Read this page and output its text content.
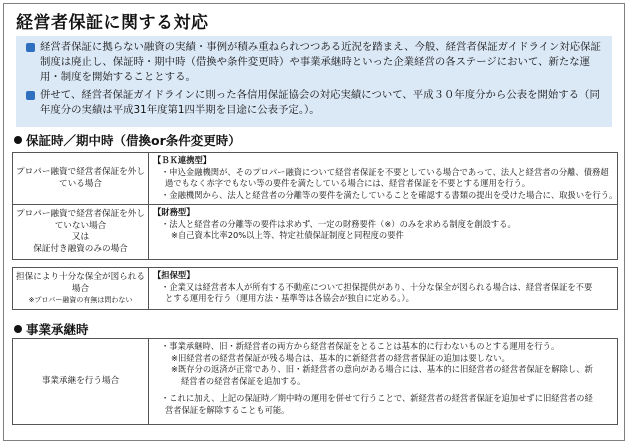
経営者保証に関する対応
経営者保証に拠らない融資の実績・事例が積み重ねられつつある近況を踏まえ、今般、経営者保証ガイドライン対応保証制度は廃止し、保証時・期中時（借換や条件変更時）や事業承継時といった企業経営の各ステージにおいて、新たな運用・制度を開始することとする。
併せて、経営者保証ガイドラインに則った各信用保証協会の対応実績について、平成３０年度分から公表を開始する（同年度分の実績は平成31年度第1四半期を目途に公表予定。）。
保証時／期中時（借換or条件変更時）
プロパー融資で経営者保証を外している場合
【ＢＫ連携型】
・申込金融機関が、そのプロパー融資について経営者保証を不要としている場合であって、法人と経営者の分離、債務超
過でもなく赤字でもない等の要件を満たしている場合には、経営者保証を不要とする運用を行う。
・金融機関から、法人と経営者の分離等の要件を満たしていることを確認する書類の提出を受けた場合に、取扱いを行う。
プロパー融資で経営者保証を外していない場合
又は
保証付き融資のみの場合
【財務型】
・法人と経営者の分離等の要件は求めず、一定の財務要件（※）のみを求める制度を創設する。
※自己資本比率20%以上等、特定社債保証制度と同程度の要件
担保により十分な保全が図られる場合
※プロパー融資の有無は問わない
【担保型】
・企業又は経営者本人が所有する不動産について担保提供があり、十分な保全が図られる場合は、経営者保証を不要
とする運用を行う（運用方法・基準等は各協会が独自に定める。）。
事業承継時
事業承継を行う場合
・事業承継時、旧・新経営者の両方から経営者保証をとることは基本的に行わないものとする運用を行う。
※旧経営者の経営者保証が残る場合は、基本的に新経営者の経営者保証の追加は要しない。
※既存分の返済が正常であり、旧・新経営者の意向がある場合には、基本的に旧経営者の経営者保証を解除し、新
経営者の経営者保証を追加する。
・これに加え、上記の保証時／期中時の運用を併せて行うことで、新経営者の経営者保証を追加せずに旧経営者の経
営者保証を解除することも可能。
